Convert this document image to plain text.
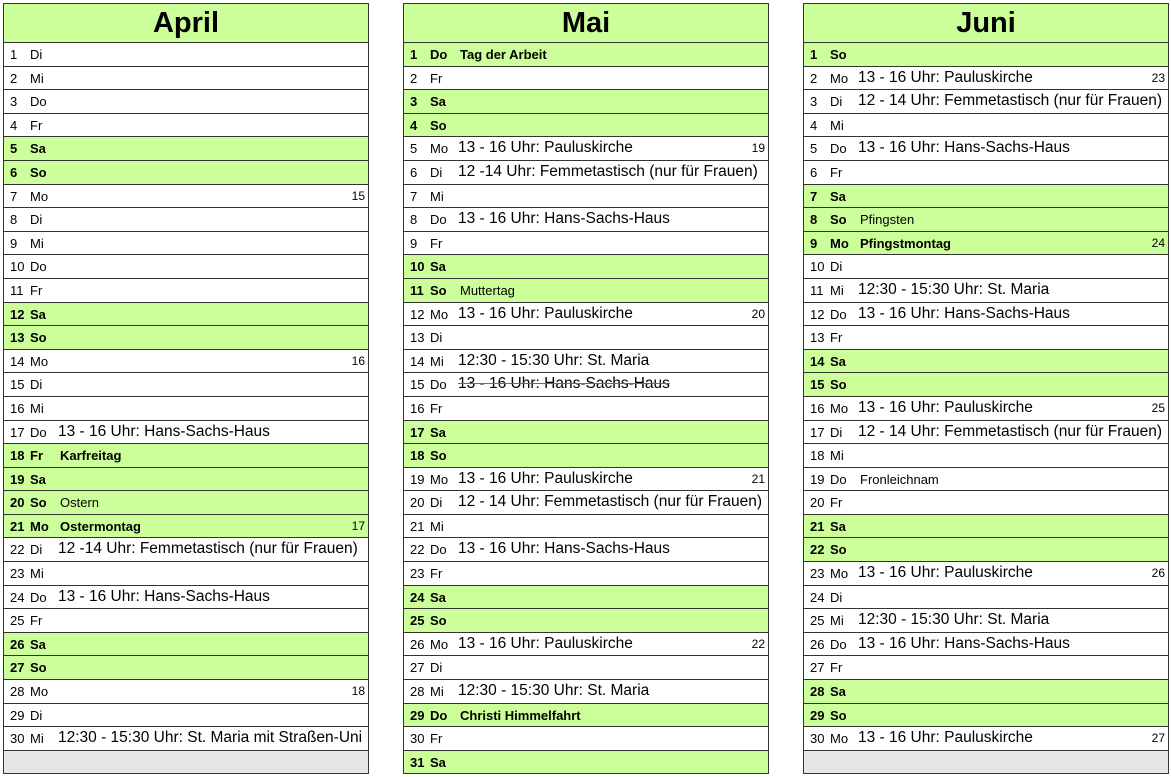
April
1 Di
2 Mi
3 Do
4 Fr
5 Sa
6 So
7 Mo	15
8 Di
9 Mi
10 Do
11 Fr
12 Sa
13 So
14 Mo	16
15 Di
16 Mi
17 Do 13 - 16 Uhr: Hans-Sachs-Haus
18 Fr Karfreitag
19 Sa
20 So Ostern
21 Mo Ostermontag	17
22 Di 12 -14 Uhr: Femmetastisch (nur für Frauen)
23 Mi
24 Do 13 - 16 Uhr: Hans-Sachs-Haus
25 Fr
26 Sa
27 So
28 Mo	18
29 Di
30 Mi 12:30 - 15:30 Uhr: St. Maria mit Straßen-Uni
Mai
1 Do Tag der Arbeit
2 Fr
3 Sa
4 So
5 Mo 13 - 16 Uhr: Pauluskirche	19
6 Di 12 -14 Uhr: Femmetastisch (nur für Frauen)
7 Mi
8 Do 13 - 16 Uhr: Hans-Sachs-Haus
9 Fr
10 Sa
11 So Muttertag
12 Mo 13 - 16 Uhr: Pauluskirche	20
13 Di
14 Mi 12:30 - 15:30 Uhr: St. Maria
15 Do 13 - 16 Uhr: Hans-Sachs-Haus
16 Fr
17 Sa
18 So
19 Mo 13 - 16 Uhr: Pauluskirche	21
20 Di 12 - 14 Uhr: Femmetastisch (nur für Frauen)
21 Mi
22 Do 13 - 16 Uhr: Hans-Sachs-Haus
23 Fr
24 Sa
25 So
26 Mo 13 - 16 Uhr: Pauluskirche	22
27 Di
28 Mi 12:30 - 15:30 Uhr: St. Maria
29 Do Christi Himmelfahrt
30 Fr
31 Sa
Juni
1 So
2 Mo 13 - 16 Uhr: Pauluskirche	23
3 Di 12 - 14 Uhr: Femmetastisch (nur für Frauen)
4 Mi
5 Do 13 - 16 Uhr: Hans-Sachs-Haus
6 Fr
7 Sa
8 So Pfingsten
9 Mo Pfingstmontag	24
10 Di
11 Mi 12:30 - 15:30 Uhr: St. Maria
12 Do 13 - 16 Uhr: Hans-Sachs-Haus
13 Fr
14 Sa
15 So
16 Mo 13 - 16 Uhr: Pauluskirche	25
17 Di 12 - 14 Uhr: Femmetastisch (nur für Frauen)
18 Mi
19 Do Fronleichnam
20 Fr
21 Sa
22 So
23 Mo 13 - 16 Uhr: Pauluskirche	26
24 Di
25 Mi 12:30 - 15:30 Uhr: St. Maria
26 Do 13 - 16 Uhr: Hans-Sachs-Haus
27 Fr
28 Sa
29 So
30 Mo 13 - 16 Uhr: Pauluskirche	27
